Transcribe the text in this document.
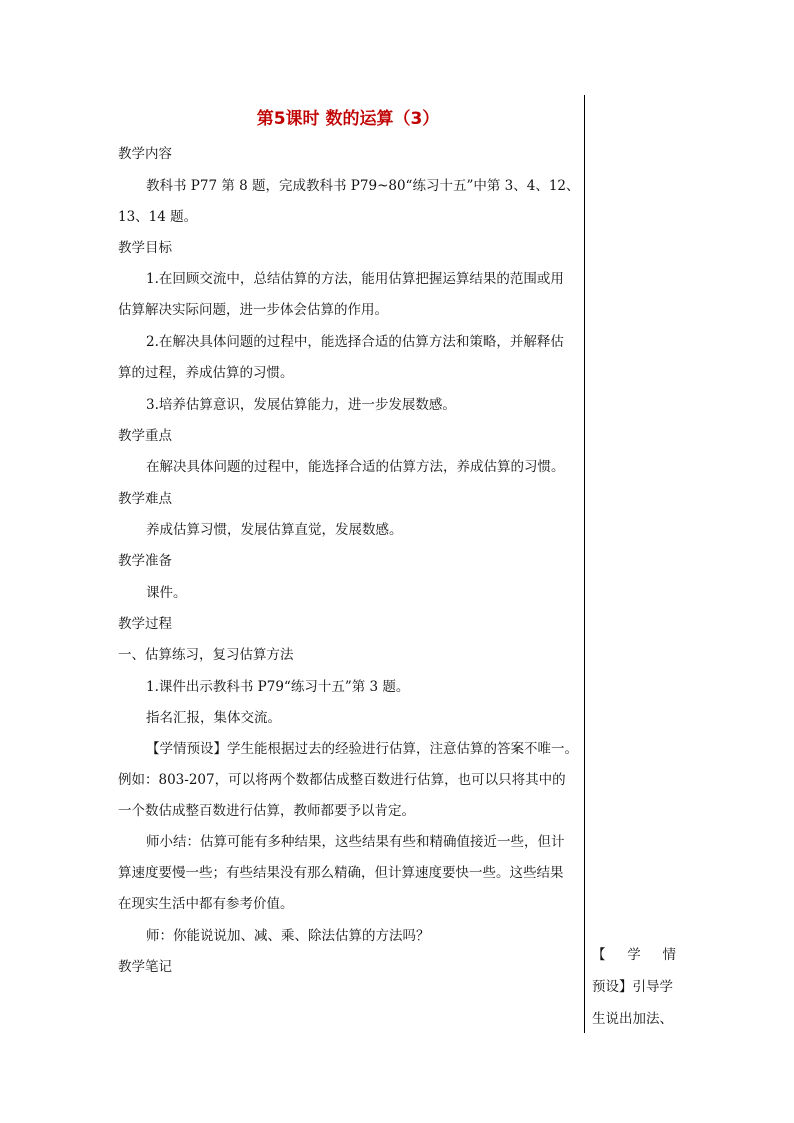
第5课时 数的运算（3）
教学内容
教科书 P77 第 8 题，完成教科书 P79~80“练习十五”中第 3、4、12、
13、14 题。
教学目标
1.在回顾交流中，总结估算的方法，能用估算把握运算结果的范围或用
估算解决实际问题，进一步体会估算的作用。
2.在解决具体问题的过程中，能选择合适的估算方法和策略，并解释估
算的过程，养成估算的习惯。
3.培养估算意识，发展估算能力，进一步发展数感。
教学重点
在解决具体问题的过程中，能选择合适的估算方法，养成估算的习惯。
教学难点
养成估算习惯，发展估算直觉，发展数感。
教学准备
课件。
教学过程
一、估算练习，复习估算方法
1.课件出示教科书 P79“练习十五”第 3 题。
指名汇报，集体交流。
【学情预设】学生能根据过去的经验进行估算，注意估算的答案不唯一。
例如：803-207，可以将两个数都估成整百数进行估算，也可以只将其中的
一个数估成整百数进行估算，教师都要予以肯定。
师小结：估算可能有多种结果，这些结果有些和精确值接近一些，但计
算速度要慢一些；有些结果没有那么精确，但计算速度要快一些。这些结果
在现实生活中都有参考价值。
师：你能说说加、减、乘、除法估算的方法吗？
教学笔记
【 学 情
预设】引导学
生说出加法、
